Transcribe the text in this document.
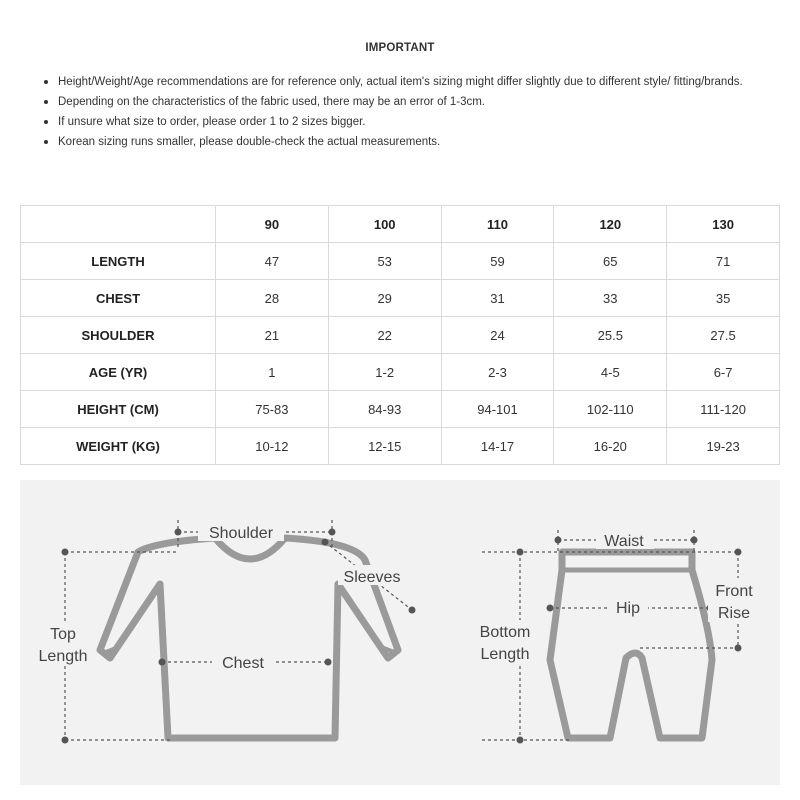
IMPORTANT
Height/Weight/Age recommendations are for reference only, actual item's sizing might differ slightly due to different style/ fitting/brands.
Depending on the characteristics of the fabric used, there may be an error of 1-3cm.
If unsure what size to order, please order 1 to 2 sizes bigger.
Korean sizing runs smaller, please double-check the actual measurements.
	90	100	110	120	130
LENGTH	47	53	59	65	71
CHEST	28	29	31	33	35
SHOULDER	21	22	24	25.5	27.5
AGE (YR)	1	1-2	2-3	4-5	6-7
HEIGHT (CM)	75-83	84-93	94-101	102-110	111-120
WEIGHT (KG)	10-12	12-15	14-17	16-20	19-23
Shoulder
Sleeves
Chest
Top
Length
Waist
Hip
Front
Rise
Bottom
Length
